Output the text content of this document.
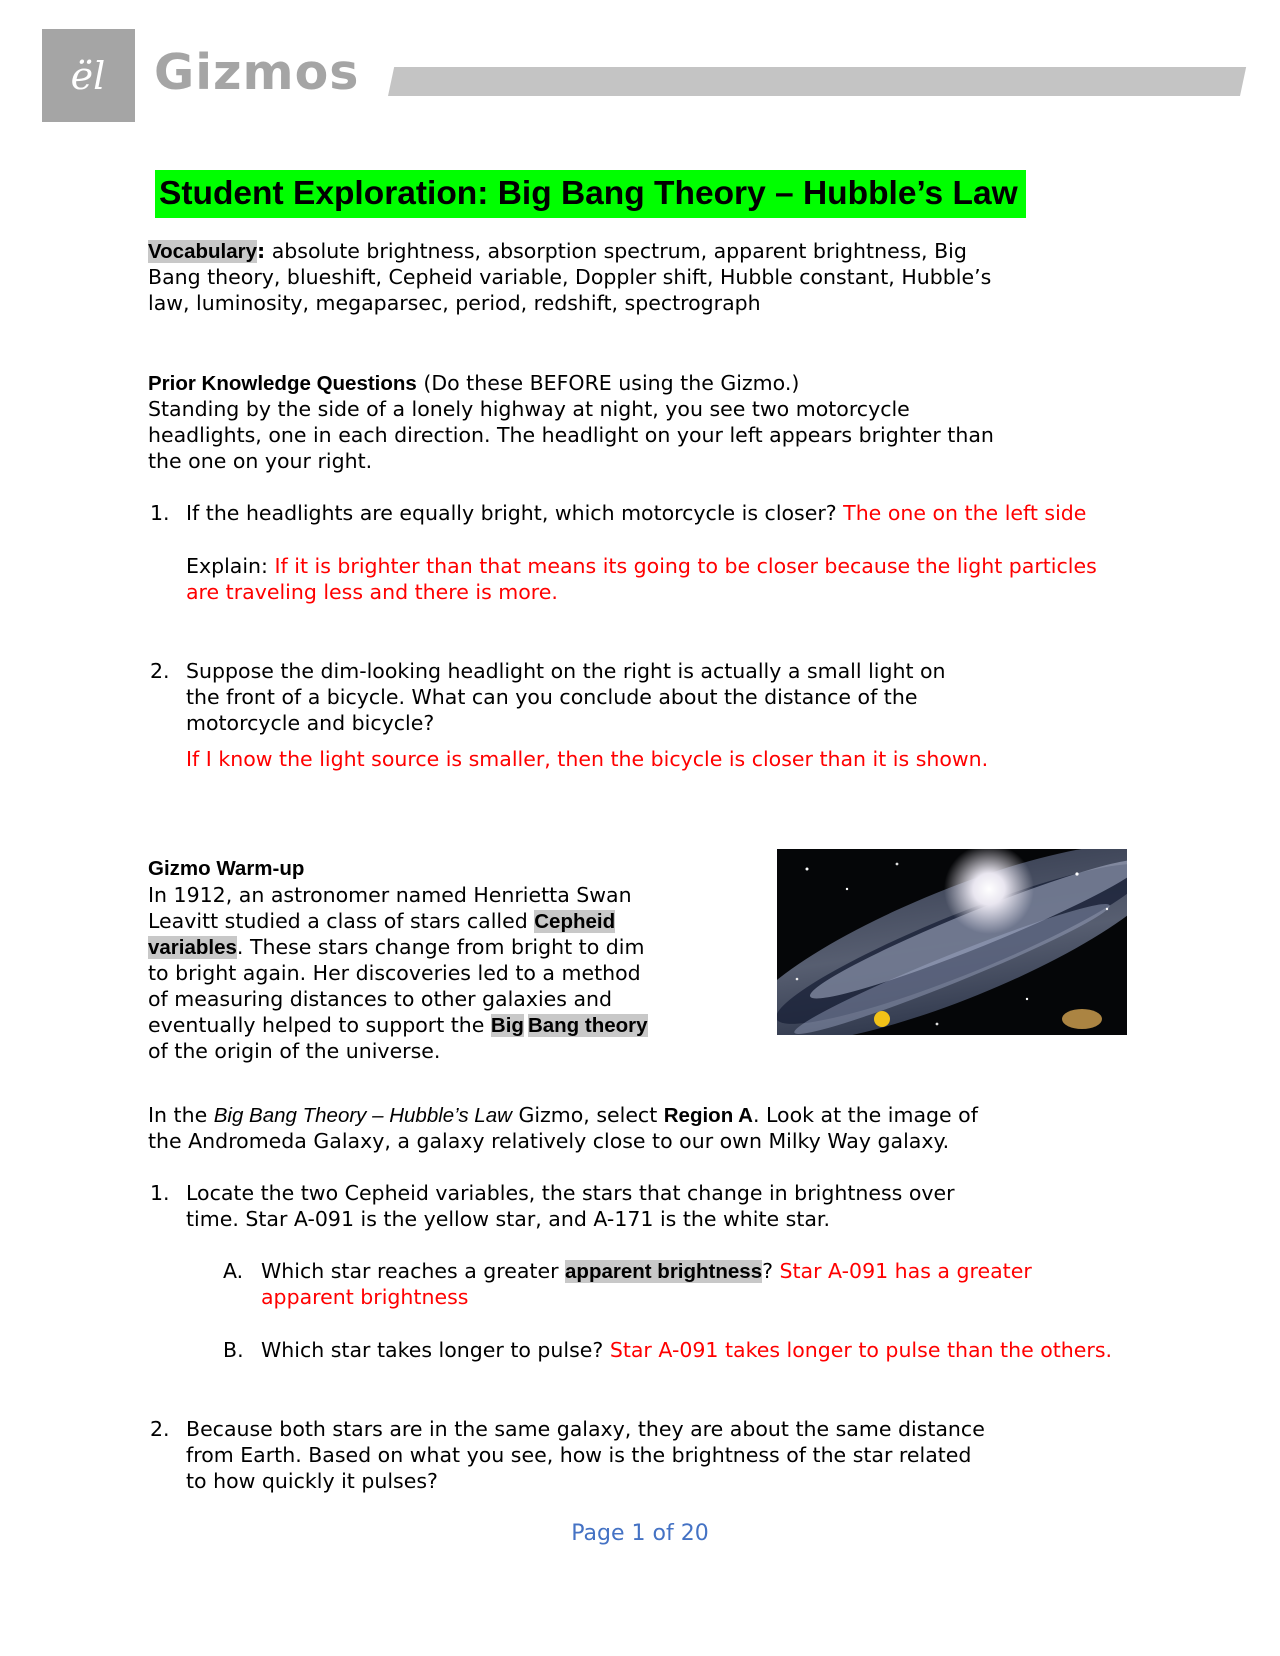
ël Gizmos
Student Exploration: Big Bang Theory – Hubble’s Law
Vocabulary: absolute brightness, absorption spectrum, apparent brightness, Big
Bang theory, blueshift, Cepheid variable, Doppler shift, Hubble constant, Hubble’s
law, luminosity, megaparsec, period, redshift, spectrograph
Prior Knowledge Questions (Do these BEFORE using the Gizmo.)
Standing by the side of a lonely highway at night, you see two motorcycle
headlights, one in each direction. The headlight on your left appears brighter than
the one on your right.
1. If the headlights are equally bright, which motorcycle is closer? The one on the left side
Explain: If it is brighter than that means its going to be closer because the light particles
are traveling less and there is more.
2. Suppose the dim-looking headlight on the right is actually a small light on
the front of a bicycle. What can you conclude about the distance of the
motorcycle and bicycle?
If I know the light source is smaller, then the bicycle is closer than it is shown.
Gizmo Warm-up
In 1912, an astronomer named Henrietta Swan
Leavitt studied a class of stars called Cepheid
variables. These stars change from bright to dim
to bright again. Her discoveries led to a method
of measuring distances to other galaxies and
eventually helped to support the Big Bang theory
of the origin of the universe.
In the Big Bang Theory – Hubble’s Law Gizmo, select Region A. Look at the image of
the Andromeda Galaxy, a galaxy relatively close to our own Milky Way galaxy.
1. Locate the two Cepheid variables, the stars that change in brightness over
time. Star A-091 is the yellow star, and A-171 is the white star.
A. Which star reaches a greater apparent brightness? Star A-091 has a greater
apparent brightness
B. Which star takes longer to pulse? Star A-091 takes longer to pulse than the others.
2. Because both stars are in the same galaxy, they are about the same distance
from Earth. Based on what you see, how is the brightness of the star related
to how quickly it pulses?
Page 1 of 20
